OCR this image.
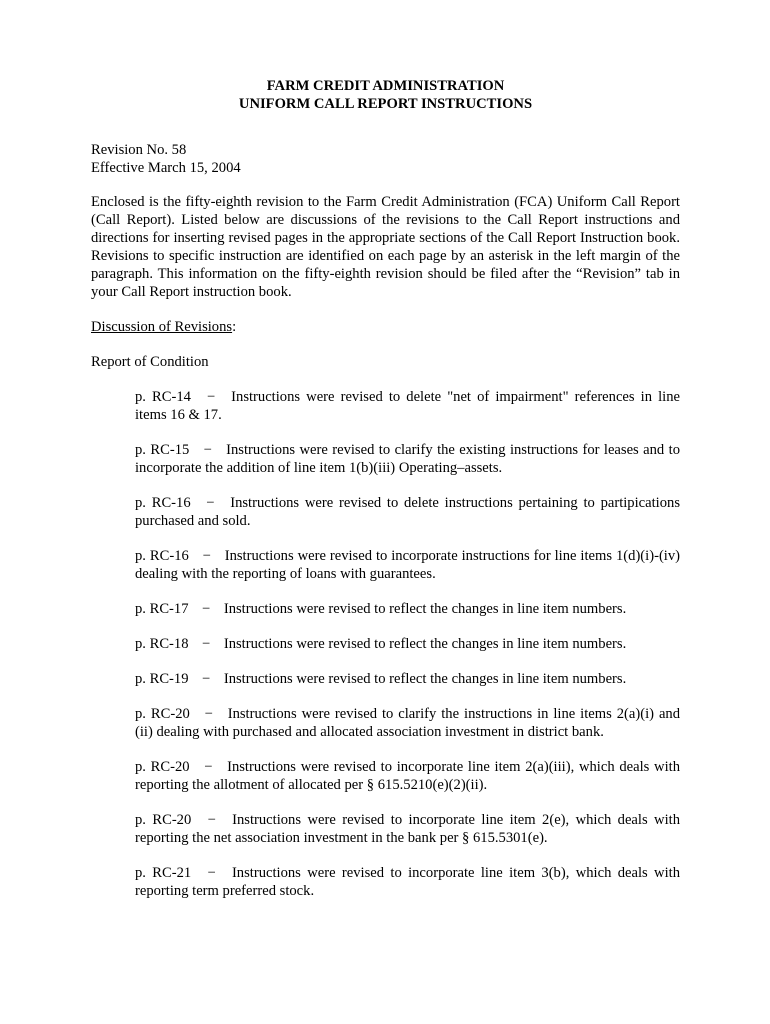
FARM CREDIT ADMINISTRATION
UNIFORM CALL REPORT INSTRUCTIONS
Revision No. 58
Effective March 15, 2004
Enclosed is the fifty-eighth revision to the Farm Credit Administration (FCA) Uniform Call Report (Call Report). Listed below are discussions of the revisions to the Call Report instructions and directions for inserting revised pages in the appropriate sections of the Call Report Instruction book. Revisions to specific instruction are identified on each page by an asterisk in the left margin of the paragraph. This information on the fifty-eighth revision should be filed after the “Revision” tab in your Call Report instruction book.
Discussion of Revisions:
Report of Condition
p. RC-14 − Instructions were revised to delete "net of impairment" references in line items 16 & 17.
p. RC-15 − Instructions were revised to clarify the existing instructions for leases and to incorporate the addition of line item 1(b)(iii) Operating–assets.
p. RC-16 − Instructions were revised to delete instructions pertaining to partipications purchased and sold.
p. RC-16 − Instructions were revised to incorporate instructions for line items 1(d)(i)-(iv) dealing with the reporting of loans with guarantees.
p. RC-17 − Instructions were revised to reflect the changes in line item numbers.
p. RC-18 − Instructions were revised to reflect the changes in line item numbers.
p. RC-19 − Instructions were revised to reflect the changes in line item numbers.
p. RC-20 − Instructions were revised to clarify the instructions in line items 2(a)(i) and (ii) dealing with purchased and allocated association investment in district bank.
p. RC-20 − Instructions were revised to incorporate line item 2(a)(iii), which deals with reporting the allotment of allocated per § 615.5210(e)(2)(ii).
p. RC-20 − Instructions were revised to incorporate line item 2(e), which deals with reporting the net association investment in the bank per § 615.5301(e).
p. RC-21 − Instructions were revised to incorporate line item 3(b), which deals with reporting term preferred stock.
